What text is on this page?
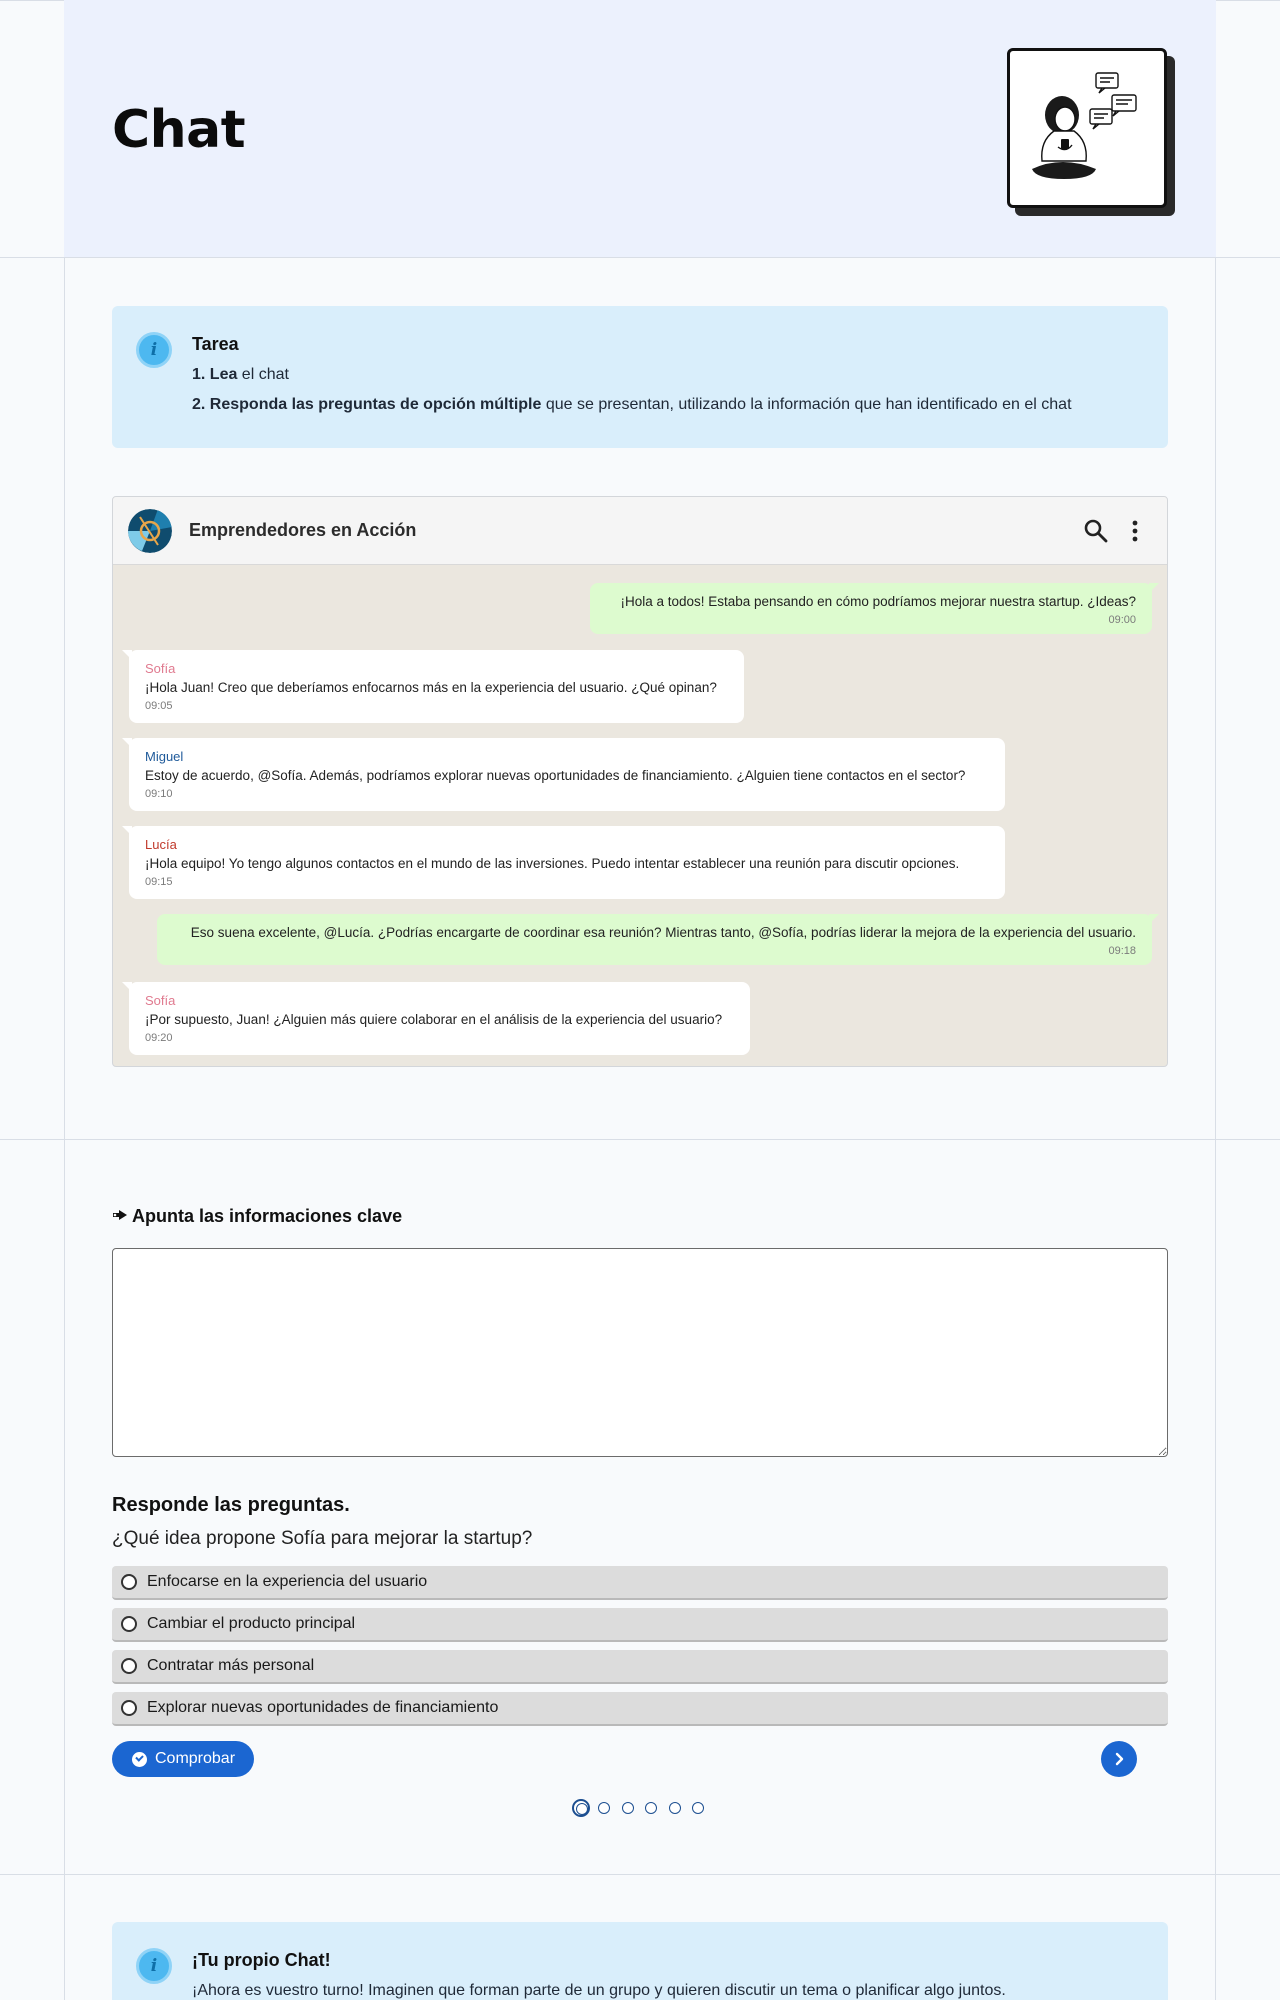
Chat
i	Tarea
1. Lea el chat
2. Responda las preguntas de opción múltiple que se presentan, utilizando la información que han identificado en el chat
Emprendedores en Acción
¡Hola a todos! Estaba pensando en cómo podríamos mejorar nuestra startup. ¿Ideas?
09:00
Sofía
¡Hola Juan! Creo que deberíamos enfocarnos más en la experiencia del usuario. ¿Qué opinan?
09:05
Miguel
Estoy de acuerdo, @Sofía. Además, podríamos explorar nuevas oportunidades de financiamiento. ¿Alguien tiene contactos en el sector?
09:10
Lucía
¡Hola equipo! Yo tengo algunos contactos en el mundo de las inversiones. Puedo intentar establecer una reunión para discutir opciones.
09:15
Eso suena excelente, @Lucía. ¿Podrías encargarte de coordinar esa reunión? Mientras tanto, @Sofía, podrías liderar la mejora de la experiencia del usuario.
09:18
Sofía
¡Por supuesto, Juan! ¿Alguien más quiere colaborar en el análisis de la experiencia del usuario?
09:20
Apunta las informaciones clave
Responde las preguntas.
¿Qué idea propone Sofía para mejorar la startup?
Enfocarse en la experiencia del usuario
Cambiar el producto principal
Contratar más personal
Explorar nuevas oportunidades de financiamiento
Comprobar
i	¡Tu propio Chat!
¡Ahora es vuestro turno! Imaginen que forman parte de un grupo y quieren discutir un tema o planificar algo juntos.
